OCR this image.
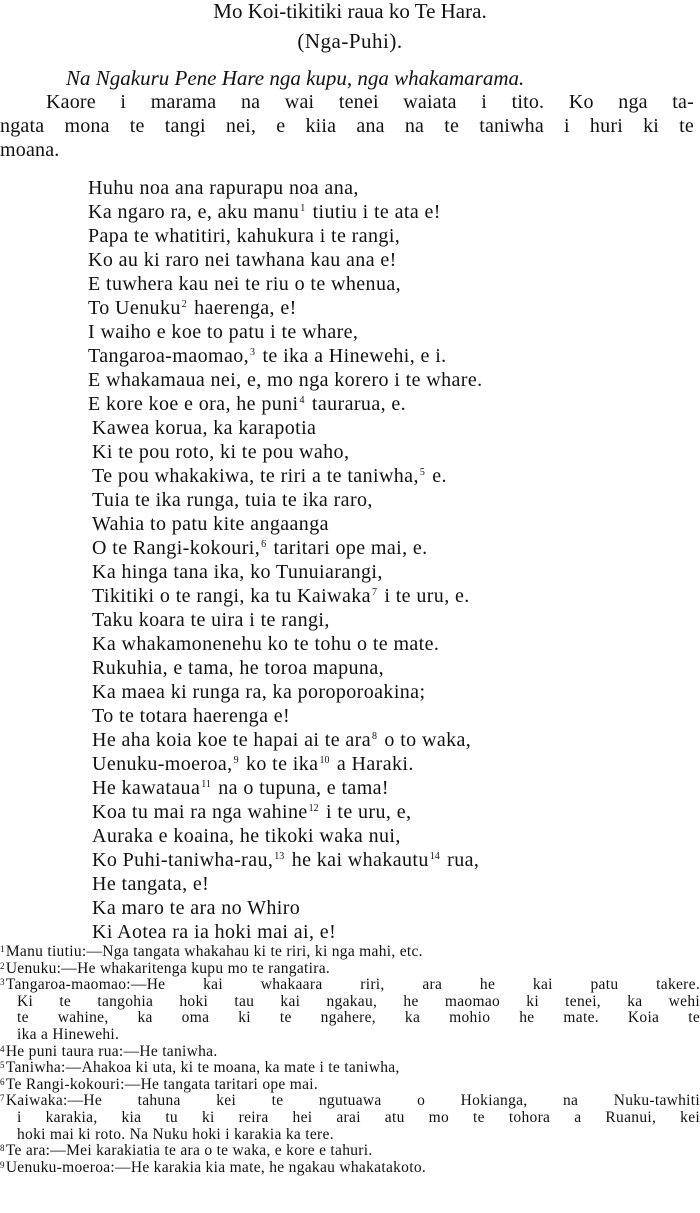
Mo Koi-tikitiki raua ko Te Hara.
(Nga-Puhi).
Na Ngakuru Pene Hare nga kupu, nga whakamarama.
Kaore i marama na wai tenei waiata i tito. Ko nga ta-
ngata mona te tangi nei, e kiia ana na te taniwha i huri ki te
moana.
Huhu noa ana rapurapu noa ana,
Ka ngaro ra, e, aku manu$^1$ tiutiu i te ata e!
Papa te whatitiri, kahukura i te rangi,
Ko au ki raro nei tawhana kau ana e!
E tuwhera kau nei te riu o te whenua,
To Uenuku$^2$ haerenga, e!
I waiho e koe to patu i te whare,
Tangaroa-maomao,$^3$ te ika a Hinewehi, e i.
E whakamaua nei, e, mo nga korero i te whare.
E kore koe e ora, he puni$^4$ taurarua, e.
Kawea korua, ka karapotia
Ki te pou roto, ki te pou waho,
Te pou whakakiwa, te riri a te taniwha,$^5$ e.
Tuia te ika runga, tuia te ika raro,
Wahia to patu kite angaanga
O te Rangi-kokouri,$^6$ taritari ope mai, e.
Ka hinga tana ika, ko Tunuiarangi,
Tikitiki o te rangi, ka tu Kaiwaka$^7$ i te uru, e.
Taku koara te uira i te rangi,
Ka whakamonenehu ko te tohu o te mate.
Rukuhia, e tama, he toroa mapuna,
Ka maea ki runga ra, ka poroporoakina;
To te totara haerenga e!
He aha koia koe te hapai ai te ara$^8$ o to waka,
Uenuku-moeroa,$^9$ ko te ika$^{10}$ a Haraki.
He kawataua$^{11}$ na o tupuna, e tama!
Koa tu mai ra nga wahine$^{12}$ i te uru, e,
Auraka e koaina, he tikoki waka nui,
Ko Puhi-taniwha-rau,$^{13}$ he kai whakautu$^{14}$ rua,
He tangata, e!
Ka maro te ara no Whiro
Ki Aotea ra ia hoki mai ai, e!
$^1$Manu tiutiu:—Nga tangata whakahau ki te riri, ki nga mahi, etc.
$^2$Uenuku:—He whakaritenga kupu mo te rangatira.
$^3$Tangaroa-maomao:—He kai whakaara riri, ara he kai patu takere.
Ki te tangohia hoki tau kai ngakau, he maomao ki tenei, ka wehi
te wahine, ka oma ki te ngahere, ka mohio he mate. Koia te
ika a Hinewehi.
$^4$He puni taura rua:—He taniwha.
$^5$Taniwha:—Ahakoa ki uta, ki te moana, ka mate i te taniwha,
$^6$Te Rangi-kokouri:—He tangata taritari ope mai.
$^7$Kaiwaka:—He tahuna kei te ngutuawa o Hokianga, na Nuku-tawhiti
i karakia, kia tu ki reira hei arai atu mo te tohora a Ruanui, kei
hoki mai ki roto. Na Nuku hoki i karakia ka tere.
$^8$Te ara:—Mei karakiatia te ara o te waka, e kore e tahuri.
$^9$Uenuku-moeroa:—He karakia kia mate, he ngakau whakatakoto.
